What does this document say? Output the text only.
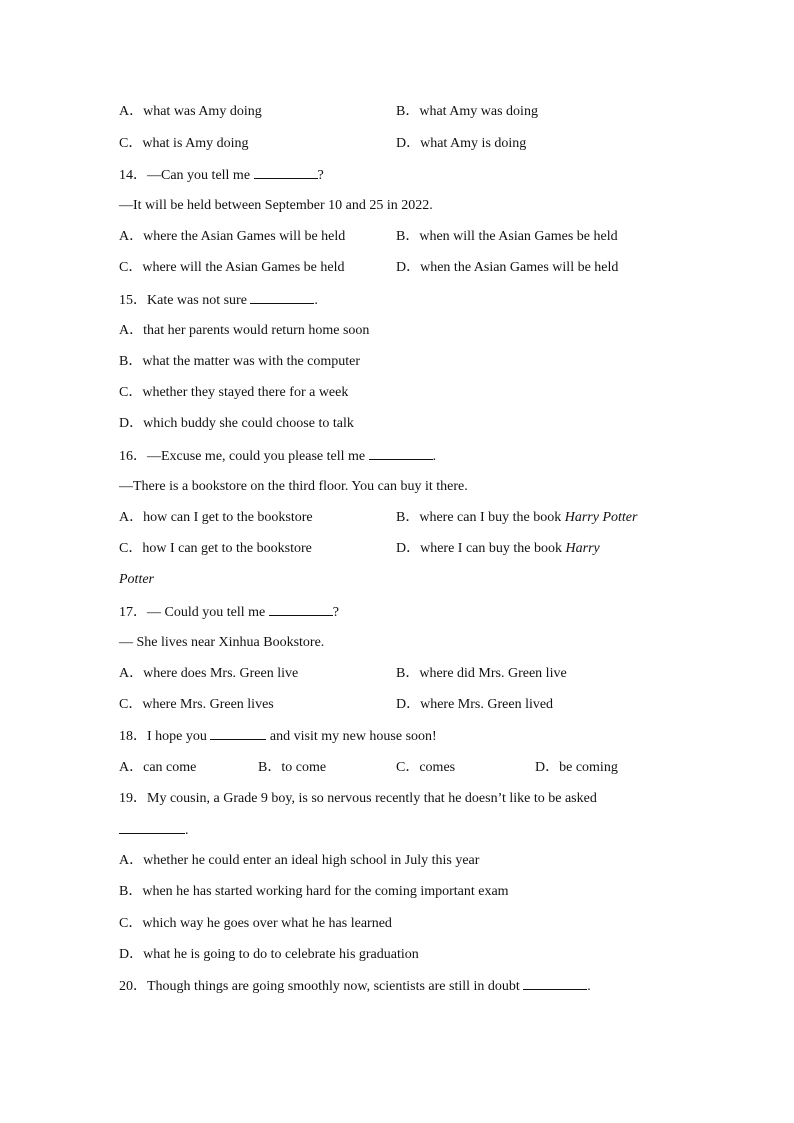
A．what was Amy doing	B．what Amy was doing
C．what is Amy doing	D．what Amy is doing
14．—Can you tell me	?
—It will be held between September 10 and 25 in 2022.
A．where the Asian Games will be held	B．when will the Asian Games be held
C．where will the Asian Games be held	D．when the Asian Games will be held
15．Kate was not sure	.
A．that her parents would return home soon
B．what the matter was with the computer
C．whether they stayed there for a week
D．which buddy she could choose to talk
16．—Excuse me, could you please tell me	.
—There is a bookstore on the third floor. You can buy it there.
A．how can I get to the bookstore	B．where can I buy the book Harry Potter
C．how I can get to the bookstore	D．where I can buy the book Harry
Potter
17．— Could you tell me	?
— She lives near Xinhua Bookstore.
A．where does Mrs. Green live	B．where did Mrs. Green live
C．where Mrs. Green lives	D．where Mrs. Green lived
18．I hope you	and visit my new house soon!
A．can come	B．to come	C．comes	D．be coming
19．My cousin, a Grade 9 boy, is so nervous recently that he doesn’t like to be asked
.
A．whether he could enter an ideal high school in July this year
B．when he has started working hard for the coming important exam
C．which way he goes over what he has learned
D．what he is going to do to celebrate his graduation
20．Though things are going smoothly now, scientists are still in doubt	.
